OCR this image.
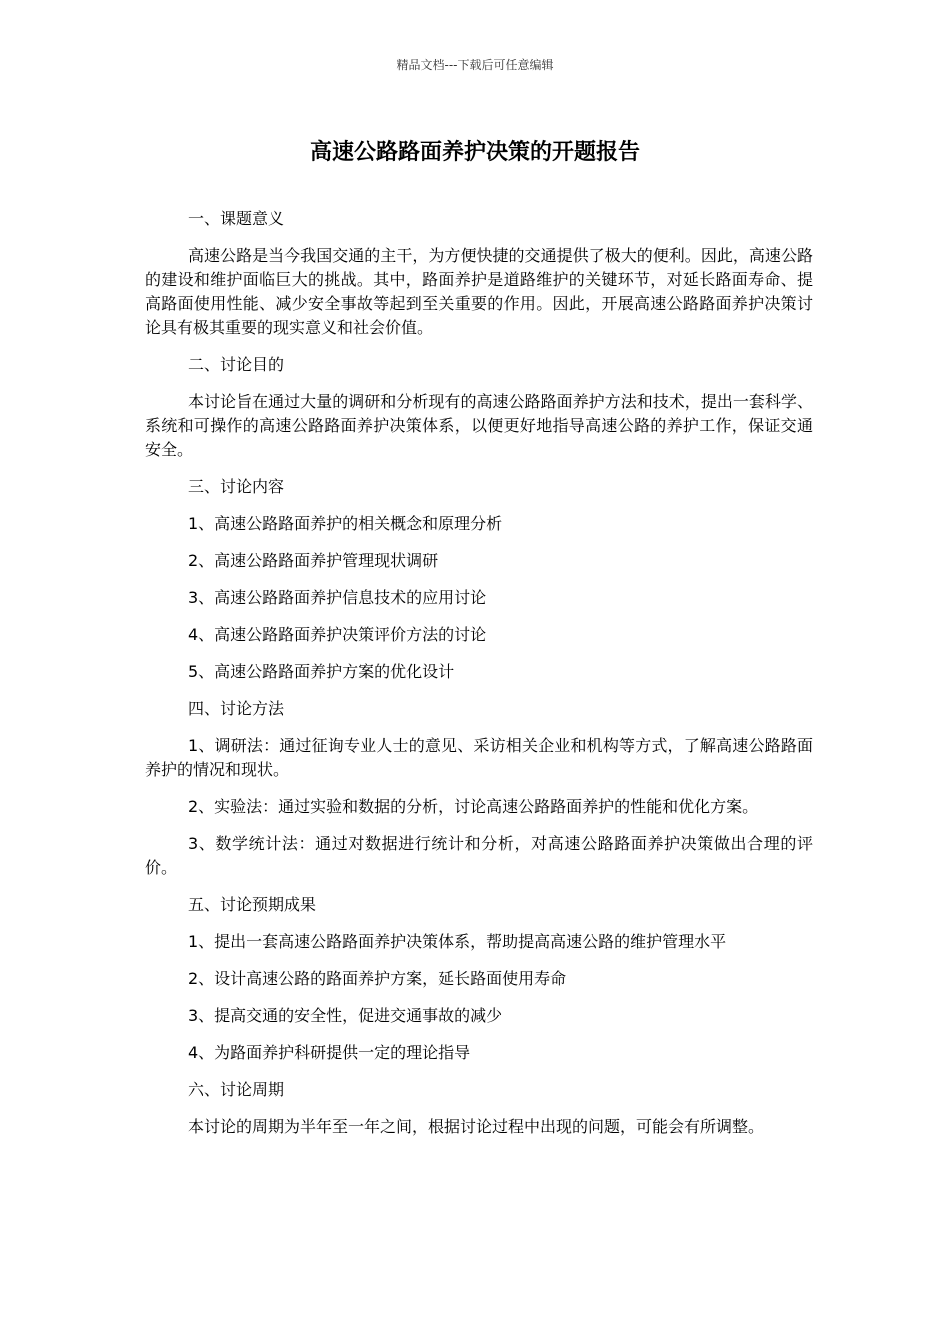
精品文档---下载后可任意编辑
高速公路路面养护决策的开题报告

一、课题意义

高速公路是当今我国交通的主干，为方便快捷的交通提供了极大的便利。因此，高速公路的建设和维护面临巨大的挑战。其中，路面养护是道路维护的关键环节，对延长路面寿命、提高路面使用性能、减少安全事故等起到至关重要的作用。因此，开展高速公路路面养护决策讨论具有极其重要的现实意义和社会价值。

二、讨论目的

本讨论旨在通过大量的调研和分析现有的高速公路路面养护方法和技术，提出一套科学、系统和可操作的高速公路路面养护决策体系，以便更好地指导高速公路的养护工作，保证交通安全。

三、讨论内容

1、高速公路路面养护的相关概念和原理分析

2、高速公路路面养护管理现状调研

3、高速公路路面养护信息技术的应用讨论

4、高速公路路面养护决策评价方法的讨论

5、高速公路路面养护方案的优化设计

四、讨论方法

1、调研法：通过征询专业人士的意见、采访相关企业和机构等方式，了解高速公路路面养护的情况和现状。

2、实验法：通过实验和数据的分析，讨论高速公路路面养护的性能和优化方案。

3、数学统计法：通过对数据进行统计和分析，对高速公路路面养护决策做出合理的评价。

五、讨论预期成果

1、提出一套高速公路路面养护决策体系，帮助提高高速公路的维护管理水平

2、设计高速公路的路面养护方案，延长路面使用寿命

3、提高交通的安全性，促进交通事故的减少

4、为路面养护科研提供一定的理论指导

六、讨论周期

本讨论的周期为半年至一年之间，根据讨论过程中出现的问题，可能会有所调整。
